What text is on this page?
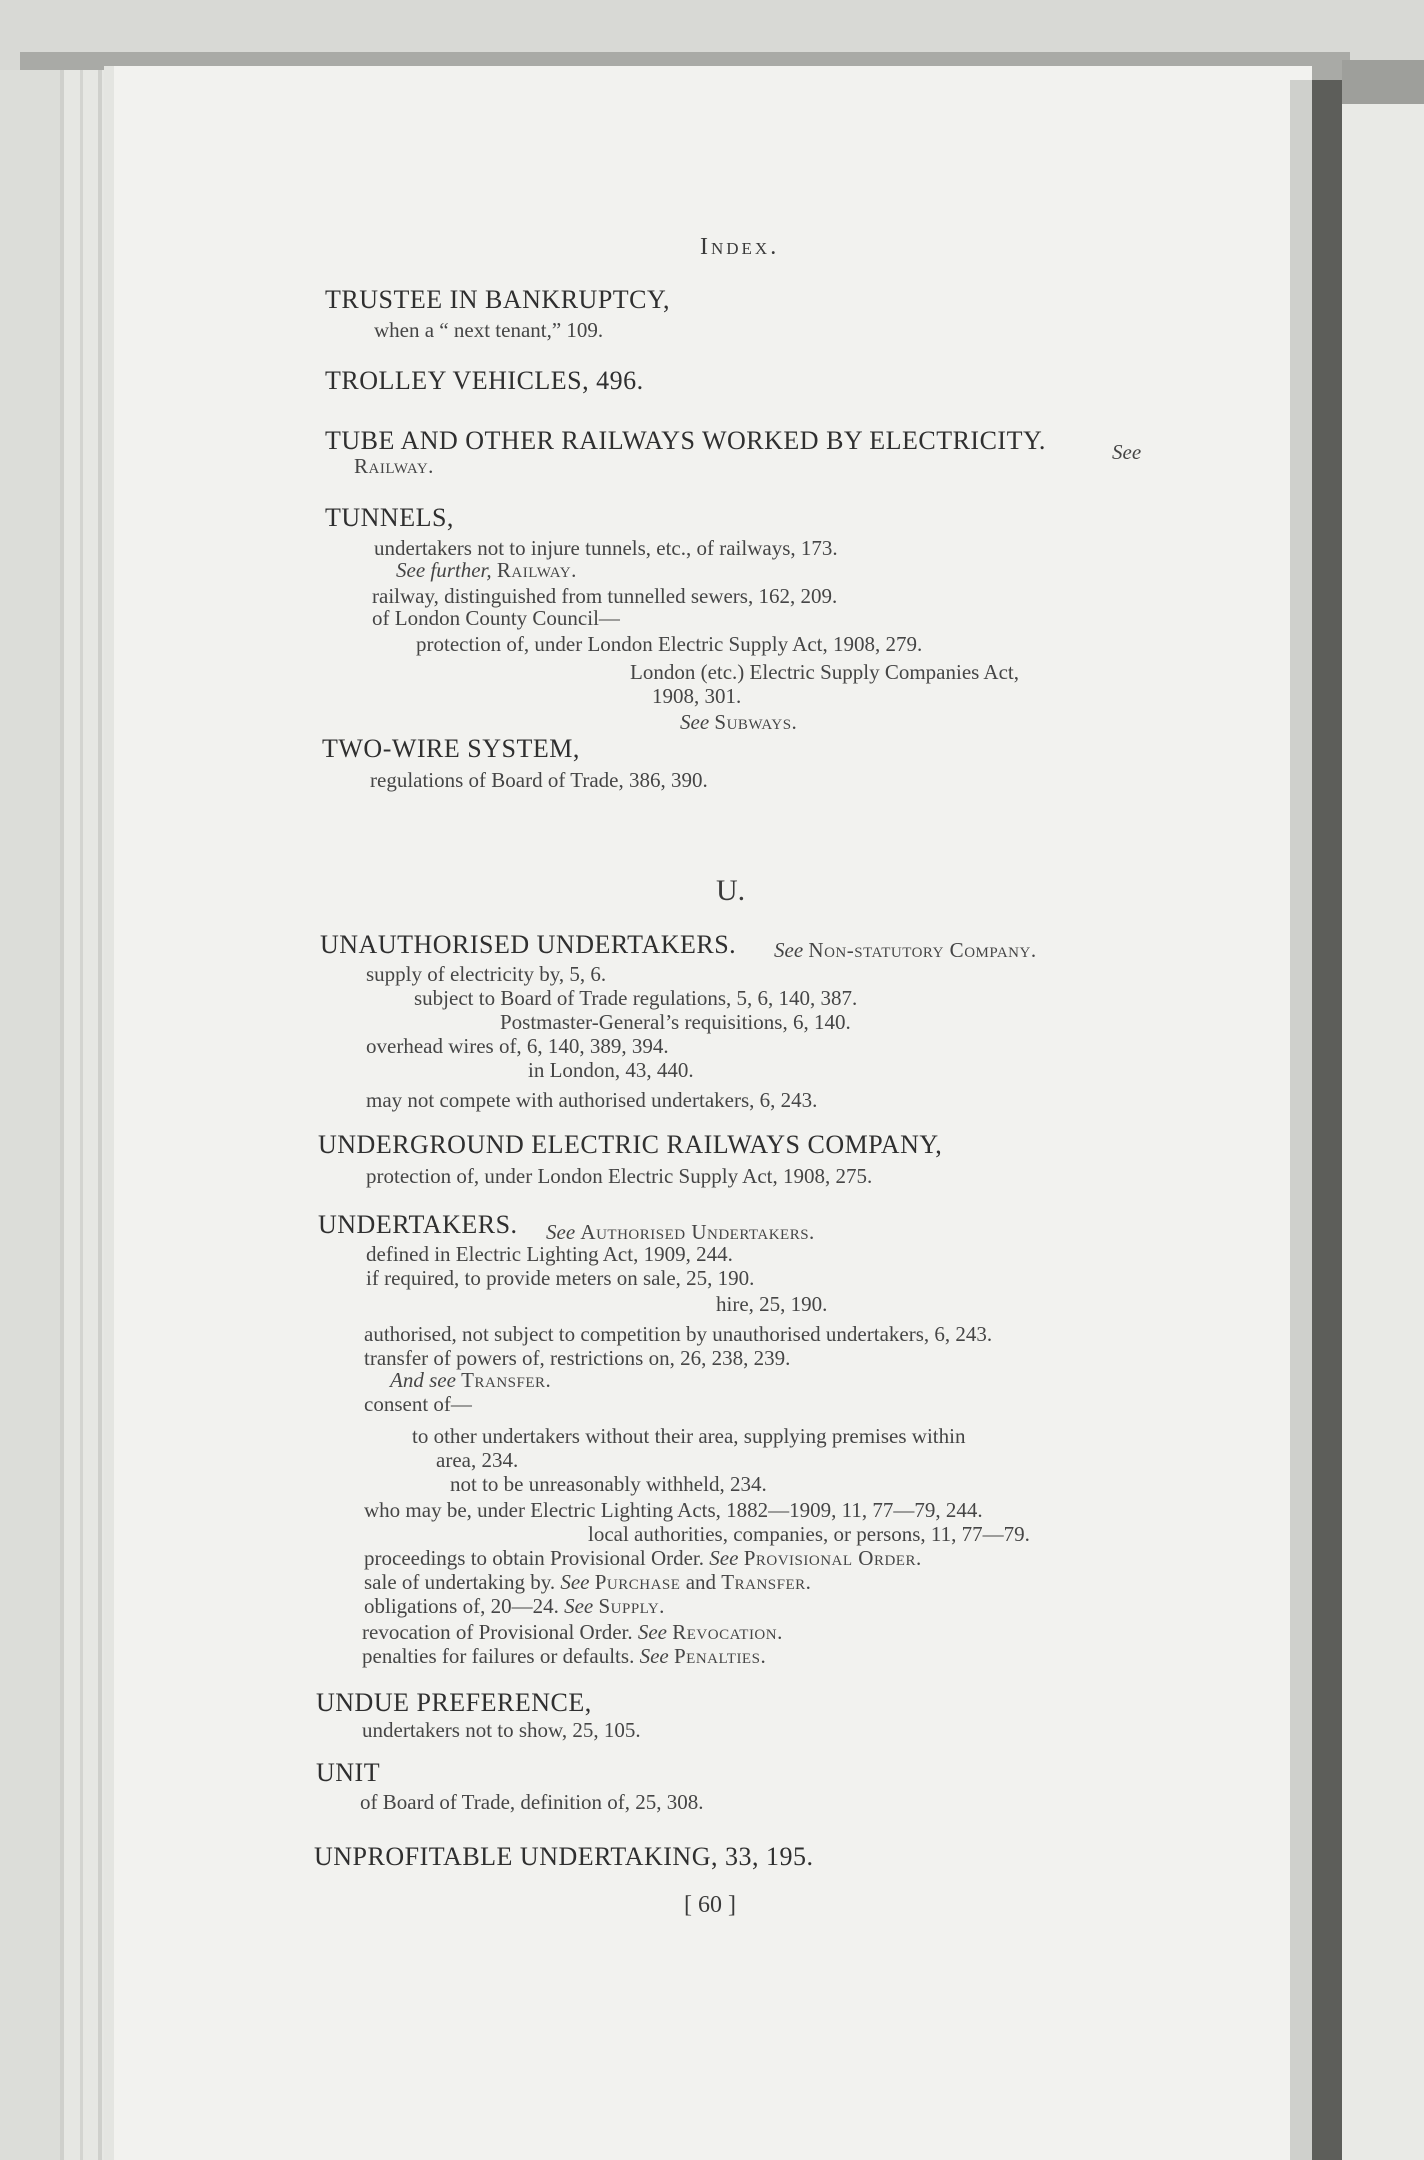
Index.
TRUSTEE IN BANKRUPTCY,
when a “ next tenant,” 109.
TROLLEY VEHICLES, 496.
TUBE AND OTHER RAILWAYS WORKED BY ELECTRICITY.	See
Railway.
TUNNELS,
undertakers not to injure tunnels, etc., of railways, 173.
See further, Railway.
railway, distinguished from tunnelled sewers, 162, 209.
of London County Council—
protection of, under London Electric Supply Act, 1908, 279.
London (etc.) Electric Supply Companies Act,
1908, 301.
See Subways.
TWO-WIRE SYSTEM,
regulations of Board of Trade, 386, 390.
U.
UNAUTHORISED UNDERTAKERS. See Non-statutory Company.
supply of electricity by, 5, 6.
subject to Board of Trade regulations, 5, 6, 140, 387.
Postmaster-General’s requisitions, 6, 140.
overhead wires of, 6, 140, 389, 394.
in London, 43, 440.
may not compete with authorised undertakers, 6, 243.
UNDERGROUND ELECTRIC RAILWAYS COMPANY,
protection of, under London Electric Supply Act, 1908, 275.
UNDERTAKERS. See Authorised Undertakers.
defined in Electric Lighting Act, 1909, 244.
if required, to provide meters on sale, 25, 190.
hire, 25, 190.
authorised, not subject to competition by unauthorised undertakers, 6, 243.
transfer of powers of, restrictions on, 26, 238, 239.
And see Transfer.
consent of—
to other undertakers without their area, supplying premises within
area, 234.
not to be unreasonably withheld, 234.
who may be, under Electric Lighting Acts, 1882—1909, 11, 77—79, 244.
local authorities, companies, or persons, 11, 77—79.
proceedings to obtain Provisional Order. See Provisional Order.
sale of undertaking by. See Purchase and Transfer.
obligations of, 20—24. See Supply.
revocation of Provisional Order. See Revocation.
penalties for failures or defaults. See Penalties.
UNDUE PREFERENCE,
undertakers not to show, 25, 105.
UNIT
of Board of Trade, definition of, 25, 308.
UNPROFITABLE UNDERTAKING, 33, 195.
[ 60 ]
